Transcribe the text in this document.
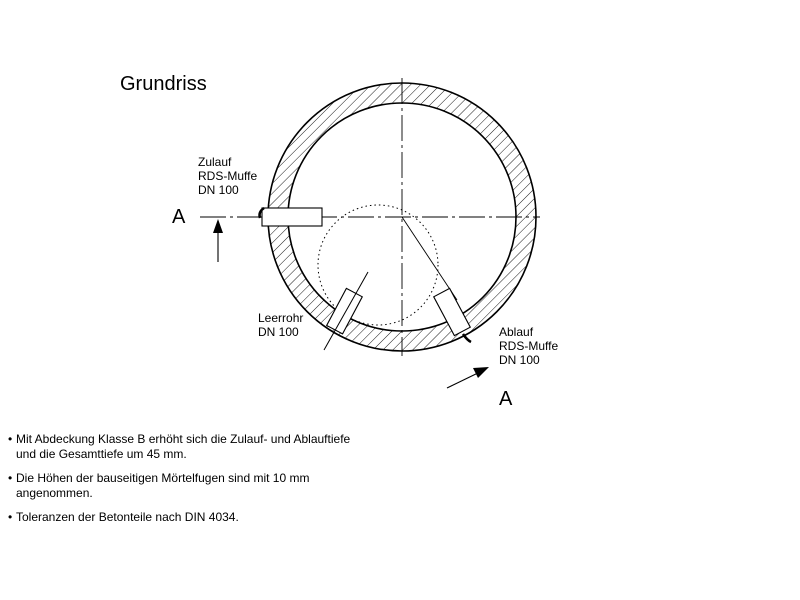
Grundriss
Zulauf
RDS-Muffe
DN 100
Leerrohr
DN 100	Ablauf
RDS-Muffe
DN 100
A
A
• Mit Abdeckung Klasse B erhöht sich die Zulauf- und Ablauftiefe und die Gesamttiefe um 45 mm.
• Die Höhen der bauseitigen Mörtelfugen sind mit 10 mm angenommen.
• Toleranzen der Betonteile nach DIN 4034.
